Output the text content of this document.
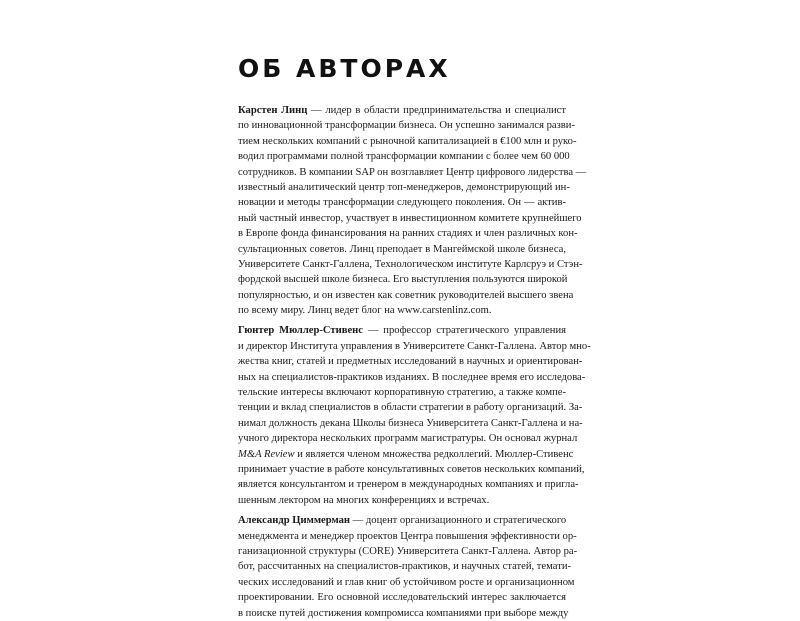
ОБ АВТОРАХ

Карстен Линц — лидер в области предпринимательства и специалист
по инновационной трансформации бизнеса. Он успешно занимался разви-
тием нескольких компаний с рыночной капитализацией в €100 млн и руко-
водил программами полной трансформации компании с более чем 60 000
сотрудников. В компании SAP он возглавляет Центр цифрового лидерства —
известный аналитический центр топ-менеджеров, демонстрирующий ин-
новации и методы трансформации следующего поколения. Он — актив-
ный частный инвестор, участвует в инвестиционном комитете крупнейшего
в Европе фонда финансирования на ранних стадиях и член различных кон-
сультационных советов. Линц преподает в Мангеймской школе бизнеса,
Университете Санкт-Галлена, Технологическом институте Карлсруэ и Стэн-
фордской высшей школе бизнеса. Его выступления пользуются широкой
популярностью, и он известен как советник руководителей высшего звена
по всему миру. Линц ведет блог на www.carstenlinz.com.

Гюнтер Мюллер-Стивенс — профессор стратегического управления
и директор Института управления в Университете Санкт-Галлена. Автор мно-
жества книг, статей и предметных исследований в научных и ориентирован-
ных на специалистов-практиков изданиях. В последнее время его исследова-
тельские интересы включают корпоративную стратегию, а также компе-
тенции и вклад специалистов в области стратегии в работу организаций. За-
нимал должность декана Школы бизнеса Университета Санкт-Галлена и на-
учного директора нескольких программ магистратуры. Он основал журнал
M&A Review и является членом множества редколлегий. Мюллер-Стивенс
принимает участие в работе консультативных советов нескольких компаний,
является консультантом и тренером в международных компаниях и пригла-
шенным лектором на многих конференциях и встречах.

Александр Циммерман — доцент организационного и стратегического
менеджмента и менеджер проектов Центра повышения эффективности ор-
ганизационной структуры (CORE) Университета Санкт-Галлена. Автор ра-
бот, рассчитанных на специалистов-практиков, и научных статей, темати-
ческих исследований и глав книг об устойчивом росте и организационном
проектировании. Его основной исследовательский интерес заключается
в поиске путей достижения компромисса компаниями при выборе между
